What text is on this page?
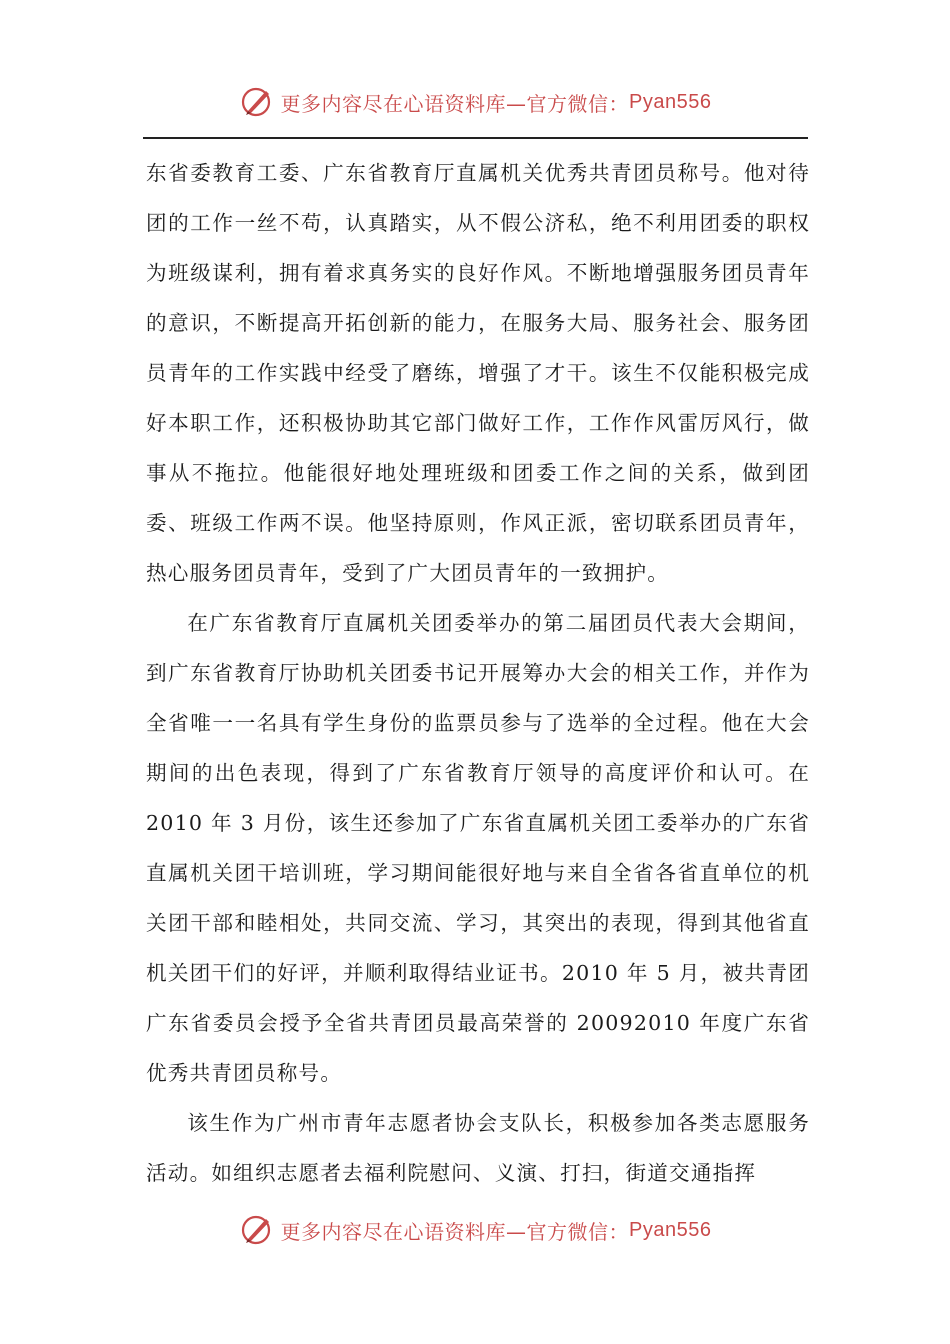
更多内容尽在心语资料库—官方微信： Pyan556

东省委教育工委、广东省教育厅直属机关优秀共青团员称号。他对待团的工作一丝不苟，认真踏实，从不假公济私，绝不利用团委的职权为班级谋利，拥有着求真务实的良好作风。不断地增强服务团员青年的意识，不断提高开拓创新的能力，在服务大局、服务社会、服务团员青年的工作实践中经受了磨练，增强了才干。该生不仅能积极完成好本职工作，还积极协助其它部门做好工作，工作作风雷厉风行，做事从不拖拉。他能很好地处理班级和团委工作之间的关系，做到团委、班级工作两不误。他坚持原则，作风正派，密切联系团员青年，热心服务团员青年，受到了广大团员青年的一致拥护。

在广东省教育厅直属机关团委举办的第二届团员代表大会期间，到广东省教育厅协助机关团委书记开展筹办大会的相关工作，并作为全省唯一一名具有学生身份的监票员参与了选举的全过程。他在大会期间的出色表现，得到了广东省教育厅领导的高度评价和认可。在 2010 年 3 月份，该生还参加了广东省直属机关团工委举办的广东省直属机关团干培训班，学习期间能很好地与来自全省各省直单位的机关团干部和睦相处，共同交流、学习，其突出的表现，得到其他省直机关团干们的好评，并顺利取得结业证书。2010 年 5 月，被共青团广东省委员会授予全省共青团员最高荣誉的 20092010 年度广东省优秀共青团员称号。

该生作为广州市青年志愿者协会支队长，积极参加各类志愿服务活动。如组织志愿者去福利院慰问、义演、打扫，街道交通指挥

更多内容尽在心语资料库—官方微信： Pyan556
